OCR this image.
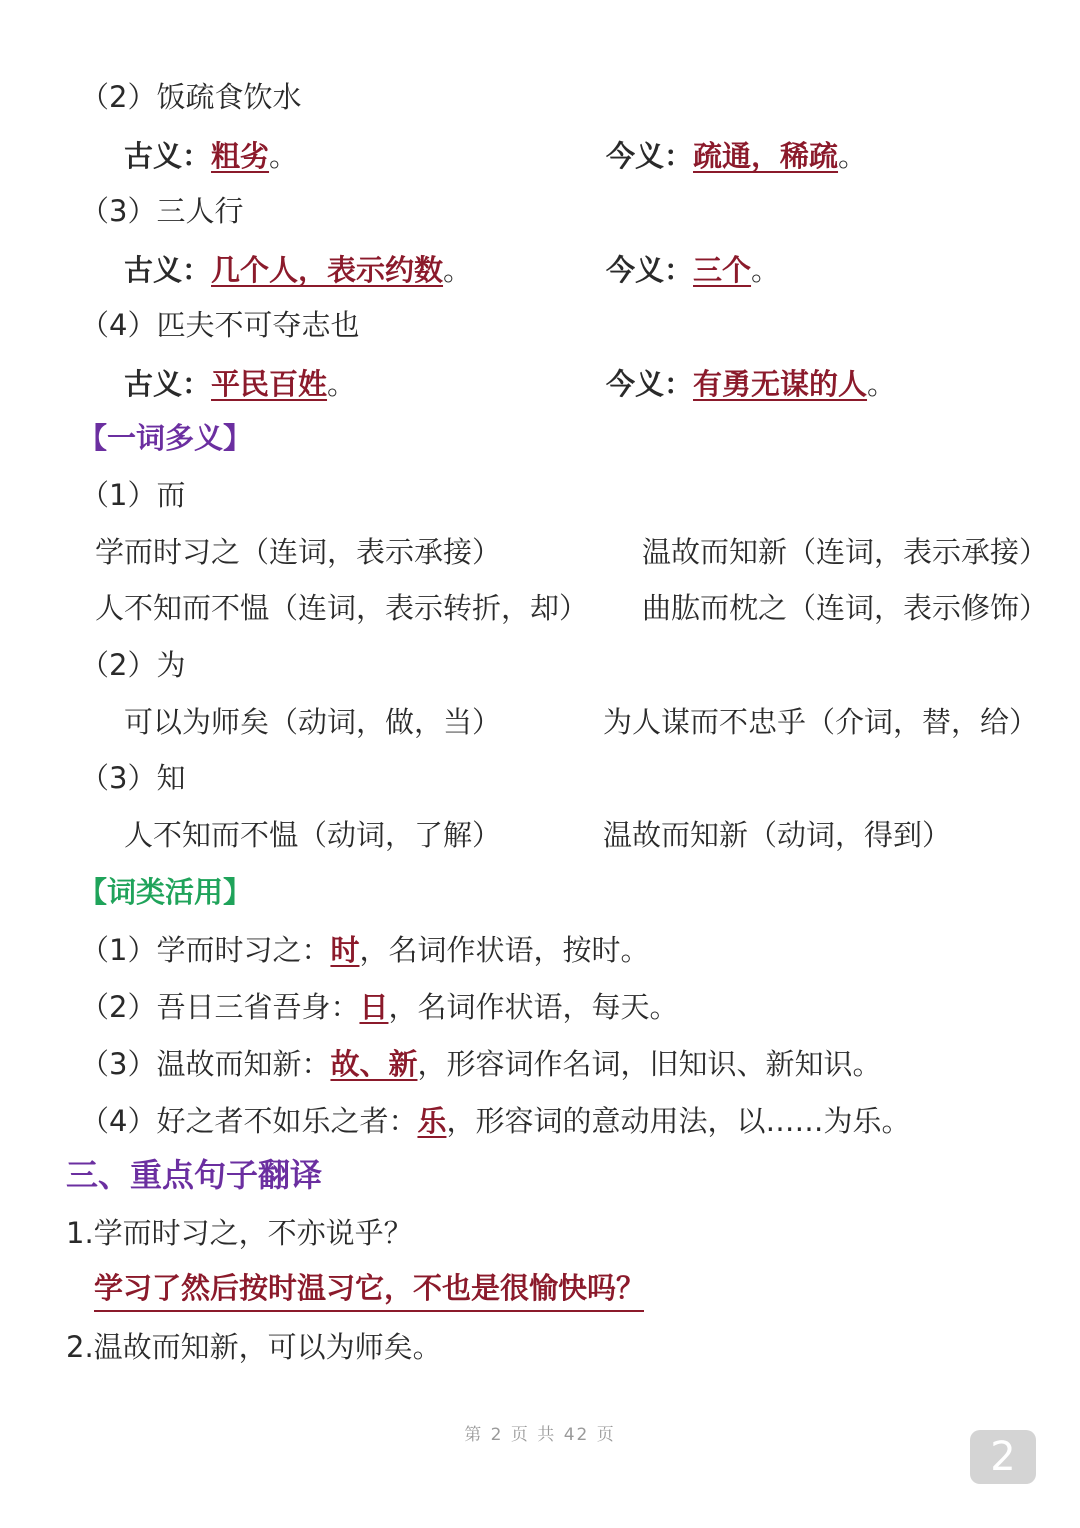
（2）饭疏食饮水
古义：粗劣。	今义：疏通，稀疏。
（3）三人行
古义：几个人，表示约数。	今义：三个。
（4）匹夫不可夺志也
古义：平民百姓。	今义：有勇无谋的人。
【一词多义】
（1）而
学而时习之（连词，表示承接）	温故而知新（连词，表示承接）
人不知而不愠（连词，表示转折，却） 曲肱而枕之（连词，表示修饰）
（2）为
可以为师矣（动词，做，当）	为人谋而不忠乎（介词，替，给）
（3）知
人不知而不愠（动词，了解）	温故而知新（动词，得到）
【词类活用】
（1）学而时习之：时，名词作状语，按时。
（2）吾日三省吾身：日，名词作状语，每天。
（3）温故而知新：故、新，形容词作名词，旧知识、新知识。
（4）好之者不如乐之者：乐，形容词的意动用法，以……为乐。
三、重点句子翻译
1.学而时习之，不亦说乎？
学习了然后按时温习它，不也是很愉快吗？
2.温故而知新，可以为师矣。
第 2 页 共 42 页	2
